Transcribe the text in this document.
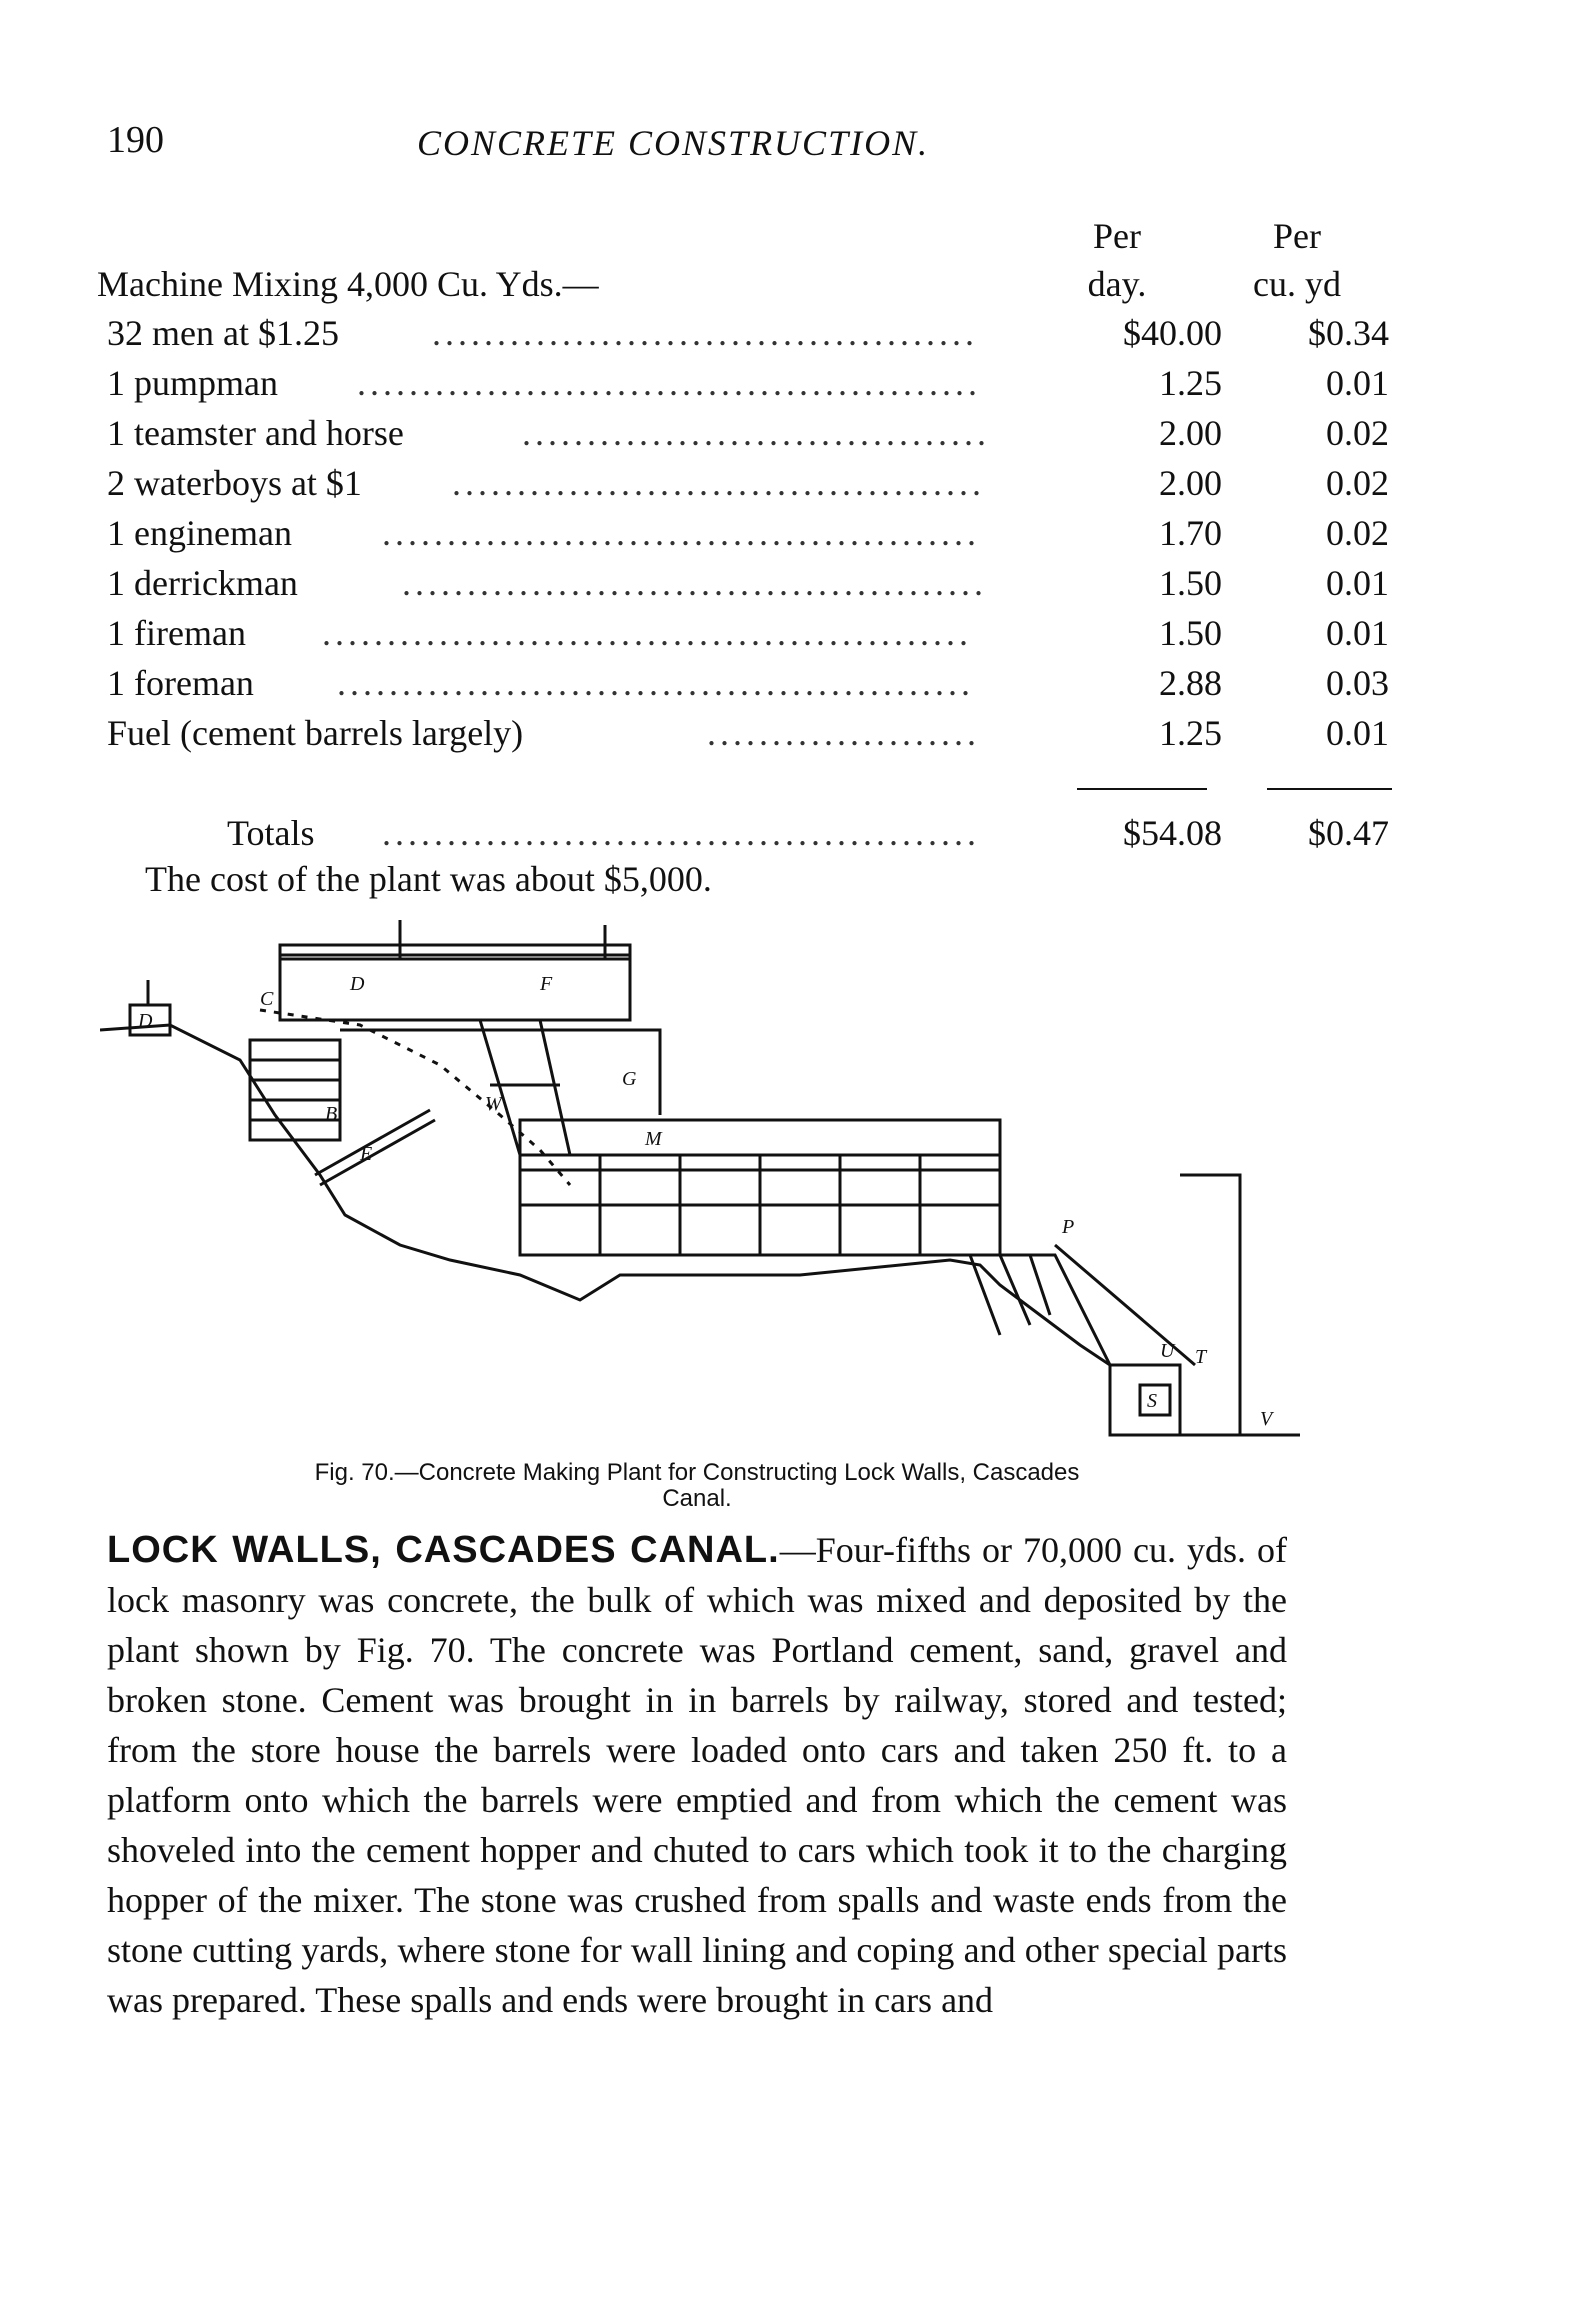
190	CONCRETE CONSTRUCTION.
Machine Mixing 4,000 Cu. Yds.—
Per
day.
Per
cu. yd
32 men at $1.25	..........................................	$40.00	$0.34
1 pumpman ................................................	1.25	0.01
1 teamster and horse	....................................	2.00	0.02
2 waterboys at $1	.........................................	2.00	0.02
1 engineman	..............................................	1.70	0.02
1 derrickman	.............................................	1.50	0.01
1 fireman ..................................................	1.50	0.01
1 foreman .................................................	2.88	0.03
Fuel (cement barrels largely)	.....................	1.25	0.01
Totals ..............................................	$54.08	$0.47
The cost of the plant was about $5,000.
D
C
D	F
B	W
G
E
M
P
U T
S
V
Fig. 70.—Concrete Making Plant for Constructing Lock Walls, Cascades
Canal.
LOCK WALLS, CASCADES CANAL.—Four-fifths or 70,000 cu. yds. of lock masonry was concrete, the bulk of which was mixed and deposited by the plant shown by Fig. 70. The concrete was Portland cement, sand, gravel and broken stone. Cement was brought in in barrels by railway, stored and tested; from the store house the barrels were loaded onto cars and taken 250 ft. to a platform onto which the barrels were emptied and from which the cement was shoveled into the cement hopper and chuted to cars which took it to the charging hopper of the mixer. The stone was crushed from spalls and waste ends from the stone cutting yards, where stone for wall lining and coping and other special parts was prepared. These spalls and ends were brought in cars and
